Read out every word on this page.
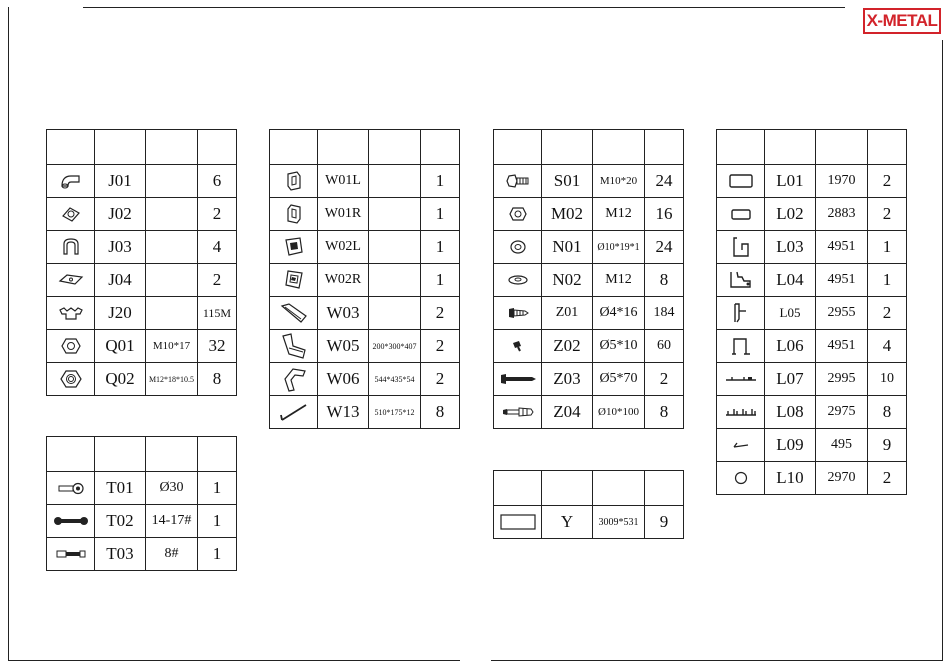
X-METAL

	J01		6

	J02		2

	J03		4

	J04		2

	J20		115M

	Q01	M10*17	32

	Q02	M12*18*10.5	8

	T01	Ø30	1

	T02	14-17#	1

	T03	8#	1

	W01L		1

	W01R		1

	W02L		1

	W02R		1

	W03		2

	W05	200*300*407	2

	W06	544*435*54	2

	W13	510*175*12	8

	S01	M10*20	24

	M02	M12	16

	N01	Ø10*19*1	24

	N02	M12	8

	Z01	Ø4*16	184

	Z02	Ø5*10	60

	Z03	Ø5*70	2

	Z04	Ø10*100	8

	Y	3009*531	9

	L01	1970	2

	L02	2883	2

	L03	4951	1

	L04	4951	1

	L05	2955	2

	L06	4951	4

	L07	2995	10

	L08	2975	8

	L09	495	9

	L10	2970	2
